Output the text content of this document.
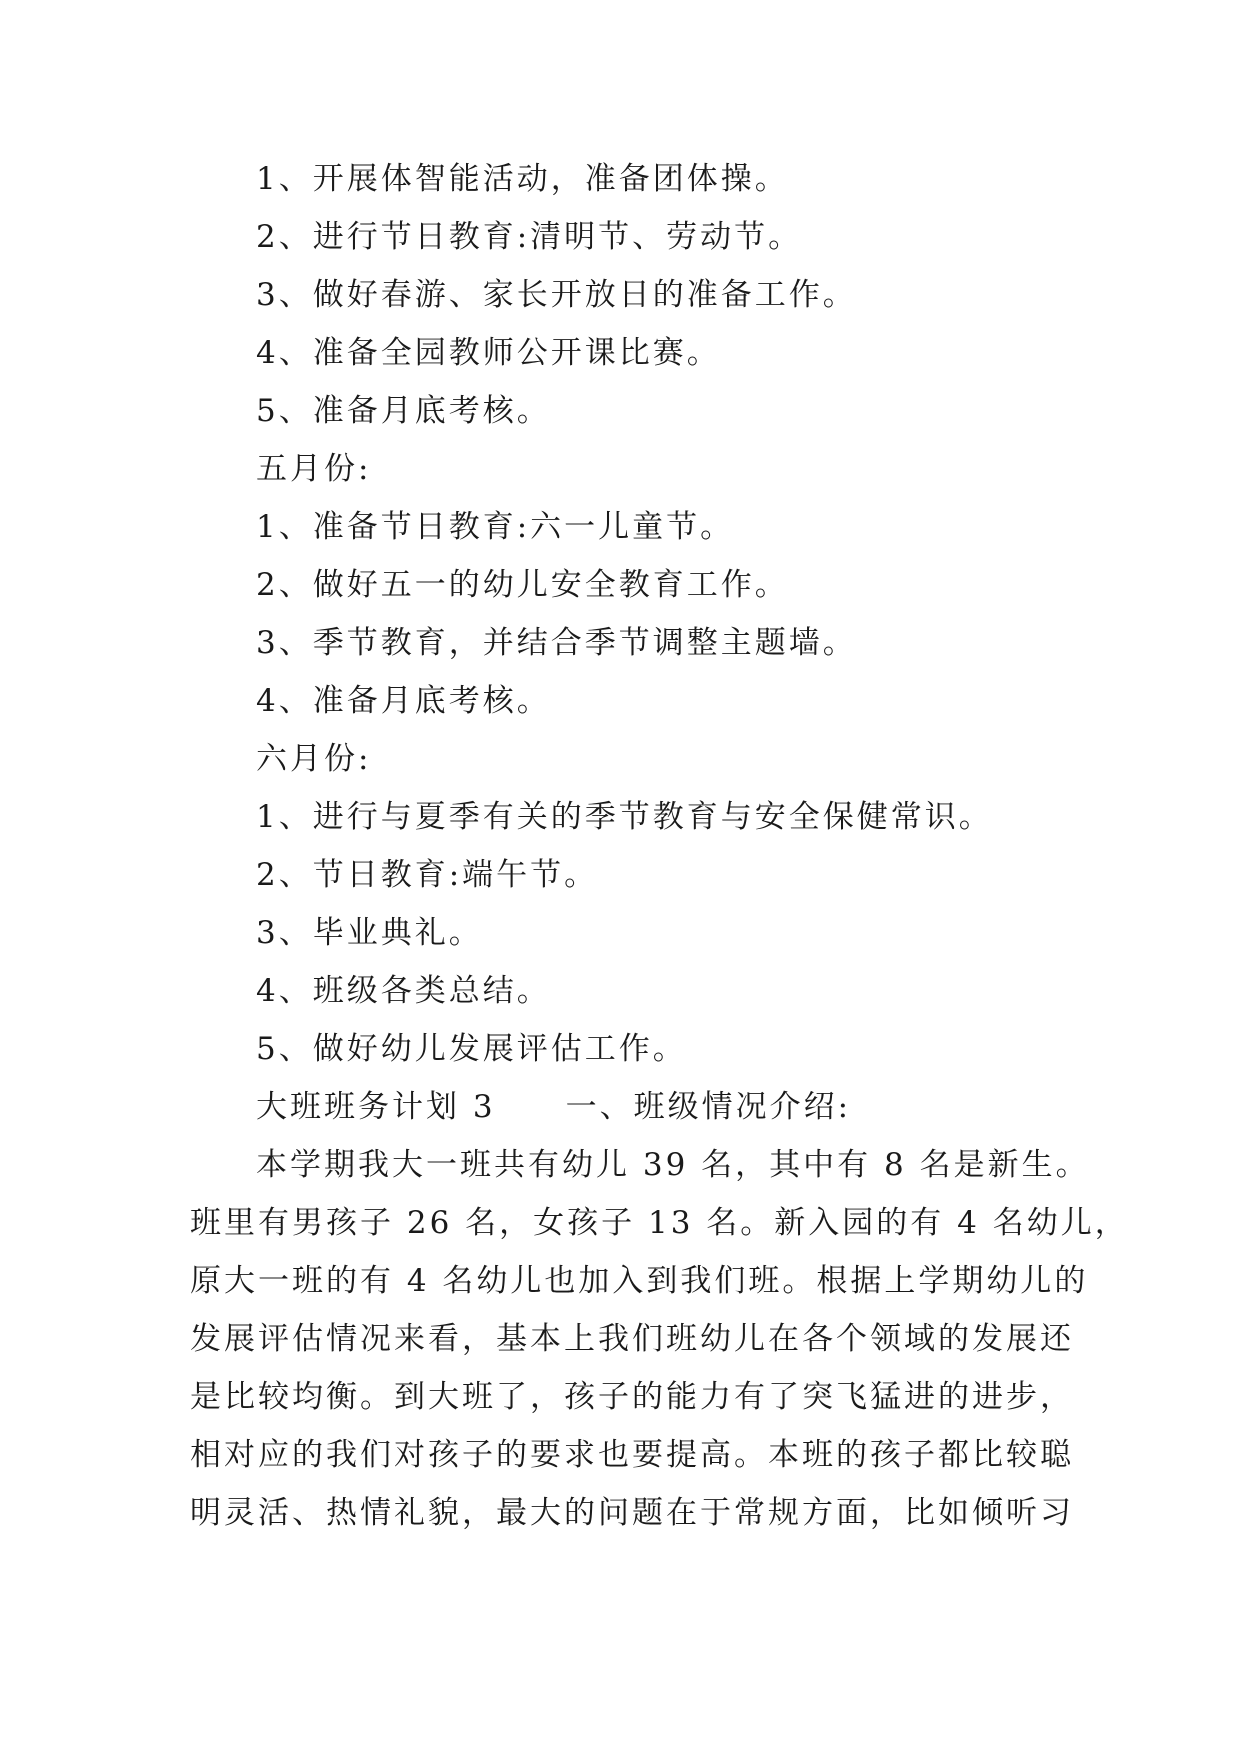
1、开展体智能活动，准备团体操。

2、进行节日教育:清明节、劳动节。

3、做好春游、家长开放日的准备工作。

4、准备全园教师公开课比赛。

5、准备月底考核。

五月份:

1、准备节日教育:六一儿童节。

2、做好五一的幼儿安全教育工作。

3、季节教育，并结合季节调整主题墙。

4、准备月底考核。

六月份:

1、进行与夏季有关的季节教育与安全保健常识。

2、节日教育:端午节。

3、毕业典礼。

4、班级各类总结。

5、做好幼儿发展评估工作。

大班班务计划 3 一、班级情况介绍:

本学期我大一班共有幼儿 39 名，其中有 8 名是新生。

班里有男孩子 26 名，女孩子 13 名。新入园的有 4 名幼儿，

原大一班的有 4 名幼儿也加入到我们班。根据上学期幼儿的

发展评估情况来看，基本上我们班幼儿在各个领域的发展还

是比较均衡。到大班了，孩子的能力有了突飞猛进的进步，

相对应的我们对孩子的要求也要提高。本班的孩子都比较聪

明灵活、热情礼貌，最大的问题在于常规方面，比如倾听习
